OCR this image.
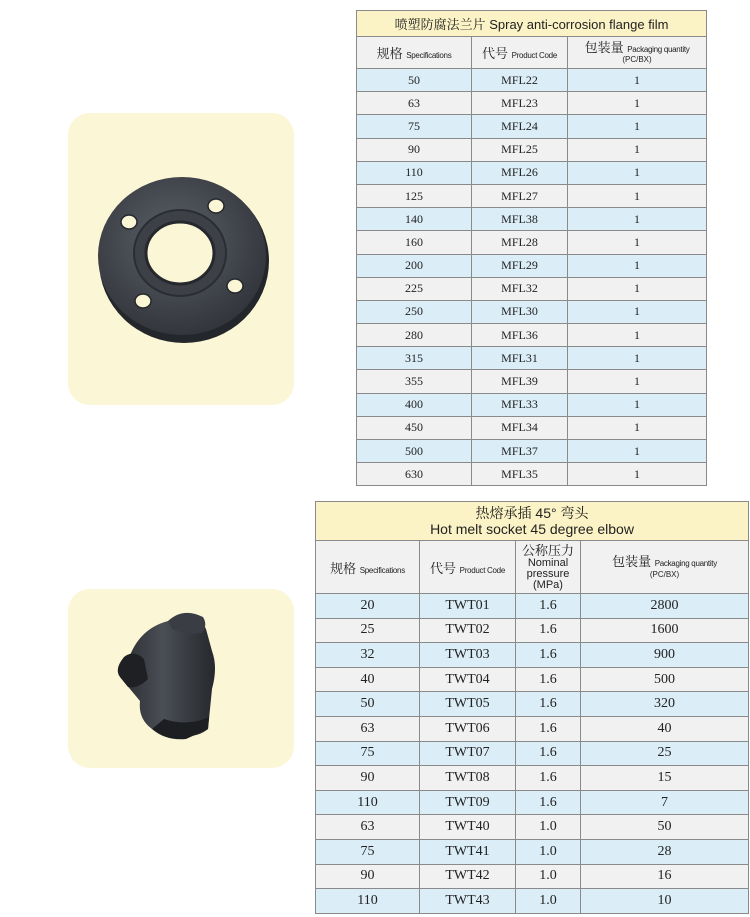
喷塑防腐法兰片 Spray anti-corrosion flange film		
规格 Specifications	代号 Product Code	包装量 Packaging quantity
(PC/BX)

50	MFL22	1
63	MFL23	1
75	MFL24	1
90	MFL25	1
110	MFL26	1
125	MFL27	1
140	MFL38	1
160	MFL28	1
200	MFL29	1
225	MFL32	1
250	MFL30	1
280	MFL36	1
315	MFL31	1
355	MFL39	1
400	MFL33	1
450	MFL34	1
500	MFL37	1
630	MFL35	1
热熔承插 45° 弯头
Hot melt socket 45 degree elbow			

规格 Specifications	代号 Product Code	公称压力
Nominal
pressure
(MPa)	包装量 Packaging quantity
(PC/BX)

20	TWT01	1.6	2800
25	TWT02	1.6	1600
32	TWT03	1.6	900
40	TWT04	1.6	500
50	TWT05	1.6	320
63	TWT06	1.6	40
75	TWT07	1.6	25
90	TWT08	1.6	15
110	TWT09	1.6	7
63	TWT40	1.0	50
75	TWT41	1.0	28
90	TWT42	1.0	16
110	TWT43	1.0	10
